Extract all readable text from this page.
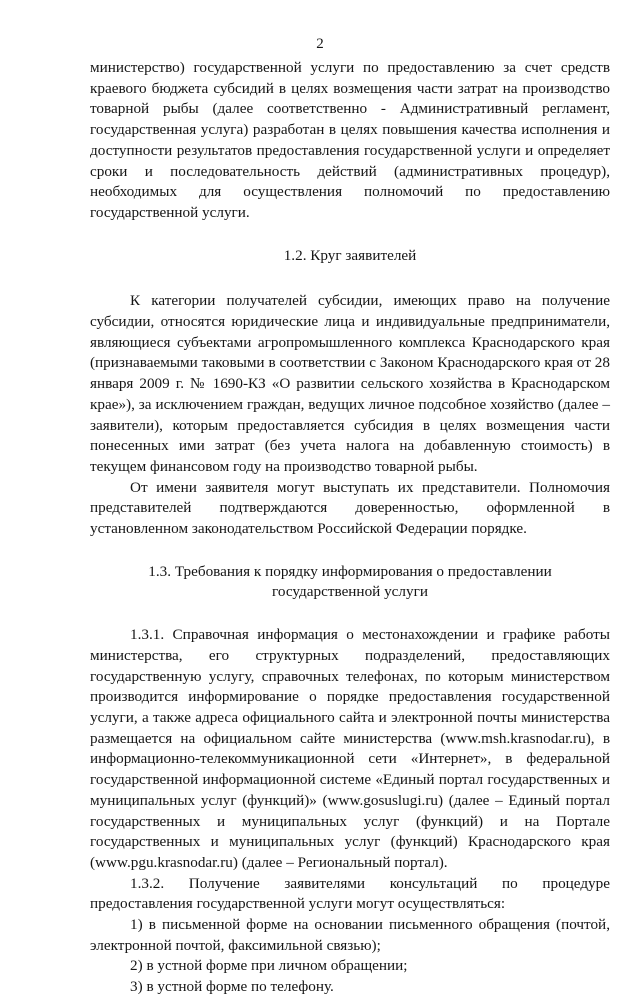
2

министерство) государственной услуги по предоставлению за счет средств краевого бюджета субсидий в целях возмещения части затрат на производство товарной рыбы (далее соответственно - Административный регламент, государственная услуга) разработан в целях повышения качества исполнения и доступности результатов предоставления государственной услуги и определяет сроки и последовательность действий (административных процедур), необходимых для осуществления полномочий по предоставлению государственной услуги.

1.2. Круг заявителей

К категории получателей субсидии, имеющих право на получение субсидии, относятся юридические лица и индивидуальные предприниматели, являющиеся субъектами агропромышленного комплекса Краснодарского края (признаваемыми таковыми в соответствии с Законом Краснодарского края от 28 января 2009 г. № 1690-КЗ «О развитии сельского хозяйства в Краснодарском крае»), за исключением граждан, ведущих личное подсобное хозяйство (далее – заявители), которым предоставляется субсидия в целях возмещения части понесенных ими затрат (без учета налога на добавленную стоимость) в текущем финансовом году на производство товарной рыбы.

От имени заявителя могут выступать их представители. Полномочия представителей подтверждаются доверенностью, оформленной в установленном законодательством Российской Федерации порядке.

1.3. Требования к порядку информирования о предоставлении

государственной услуги

1.3.1. Справочная информация о местонахождении и графике работы министерства, его структурных подразделений, предоставляющих государственную услугу, справочных телефонах, по которым министерством производится информирование о порядке предоставления государственной услуги, а также адреса официального сайта и электронной почты министерства размещается на официальном сайте министерства (www.msh.krasnodar.ru), в информационно-телекоммуникационной сети «Интернет», в федеральной государственной информационной системе «Единый портал государственных и муниципальных услуг (функций)» (www.gosuslugi.ru) (далее – Единый портал государственных и муниципальных услуг (функций) и на Портале государственных и муниципальных услуг (функций) Краснодарского края (www.pgu.krasnodar.ru) (далее – Региональный портал).

1.3.2. Получение заявителями консультаций по процедуре предоставления государственной услуги могут осуществляться:

1) в письменной форме на основании письменного обращения (почтой, электронной почтой, факсимильной связью);

2) в устной форме при личном обращении;

3) в устной форме по телефону.
